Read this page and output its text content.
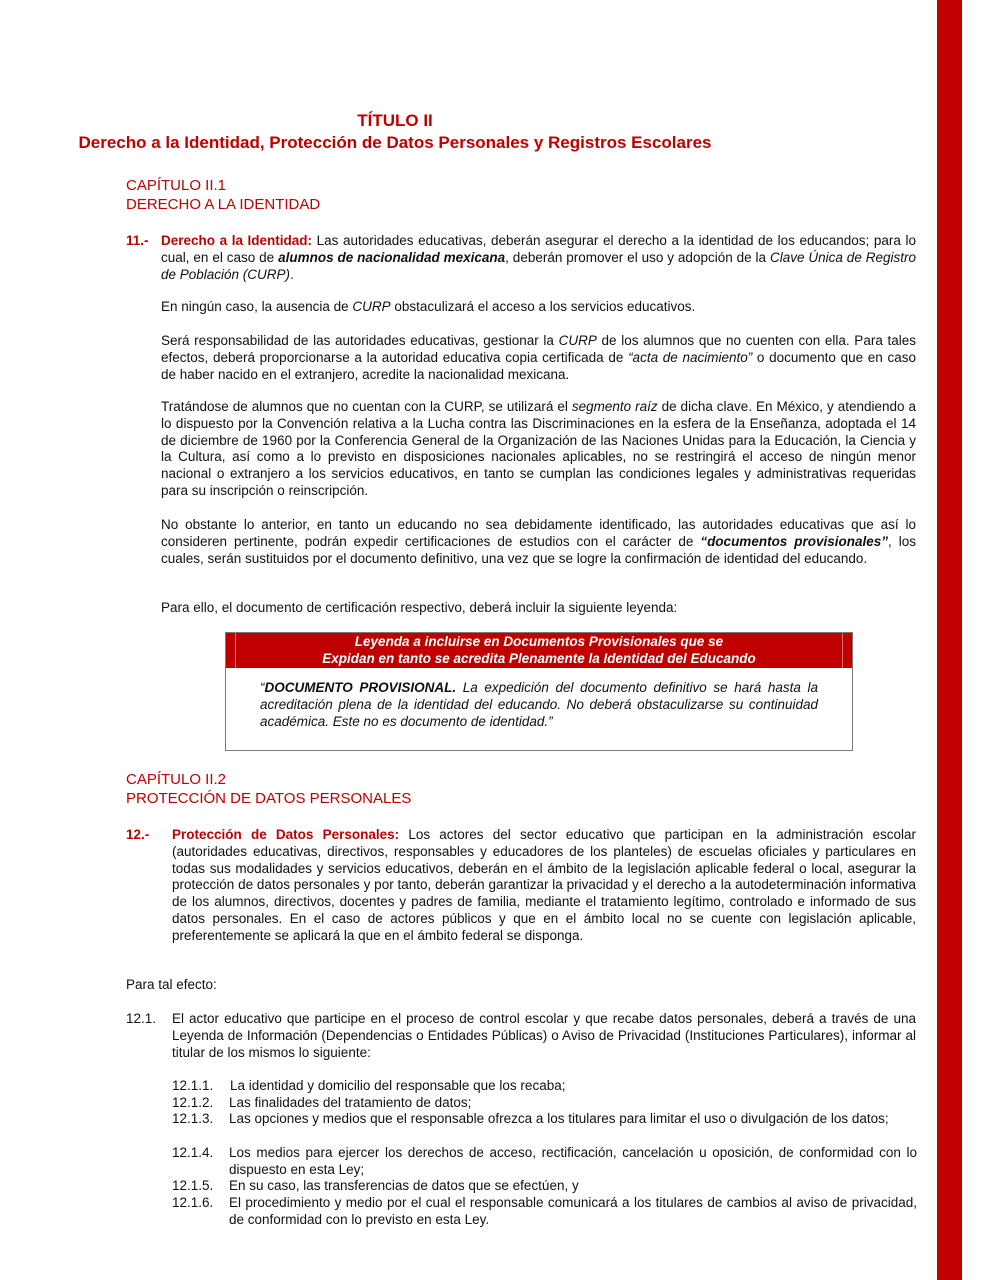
TÍTULO II
Derecho a la Identidad, Protección de Datos Personales y Registros Escolares
CAPÍTULO II.1
DERECHO A LA IDENTIDAD
11.- Derecho a la Identidad: Las autoridades educativas, deberán asegurar el derecho a la identidad de los educandos; para lo cual, en el caso de alumnos de nacionalidad mexicana, deberán promover el uso y adopción de la Clave Única de Registro de Población (CURP).
En ningún caso, la ausencia de CURP obstaculizará el acceso a los servicios educativos.
Será responsabilidad de las autoridades educativas, gestionar la CURP de los alumnos que no cuenten con ella. Para tales efectos, deberá proporcionarse a la autoridad educativa copia certificada de “acta de nacimiento” o documento que en caso de haber nacido en el extranjero, acredite la nacionalidad mexicana.
Tratándose de alumnos que no cuentan con la CURP, se utilizará el segmento raíz de dicha clave. En México, y atendiendo a lo dispuesto por la Convención relativa a la Lucha contra las Discriminaciones en la esfera de la Enseñanza, adoptada el 14 de diciembre de 1960 por la Conferencia General de la Organización de las Naciones Unidas para la Educación, la Ciencia y la Cultura, así como a lo previsto en disposiciones nacionales aplicables, no se restringirá el acceso de ningún menor nacional o extranjero a los servicios educativos, en tanto se cumplan las condiciones legales y administrativas requeridas para su inscripción o reinscripción.
No obstante lo anterior, en tanto un educando no sea debidamente identificado, las autoridades educativas que así lo consideren pertinente, podrán expedir certificaciones de estudios con el carácter de “documentos provisionales”, los cuales, serán sustituidos por el documento definitivo, una vez que se logre la confirmación de identidad del educando.
Para ello, el documento de certificación respectivo, deberá incluir la siguiente leyenda:
Leyenda a incluirse en Documentos Provisionales que se
Expidan en tanto se acredita Plenamente la Identidad del Educando
“DOCUMENTO PROVISIONAL. La expedición del documento definitivo se hará hasta la acreditación plena de la identidad del educando. No deberá obstaculizarse su continuidad académica. Este no es documento de identidad.”
CAPÍTULO II.2
PROTECCIÓN DE DATOS PERSONALES
12.- Protección de Datos Personales: Los actores del sector educativo que participan en la administración escolar (autoridades educativas, directivos, responsables y educadores de los planteles) de escuelas oficiales y particulares en todas sus modalidades y servicios educativos, deberán en el ámbito de la legislación aplicable federal o local, asegurar la protección de datos personales y por tanto, deberán garantizar la privacidad y el derecho a la autodeterminación informativa de los alumnos, directivos, docentes y padres de familia, mediante el tratamiento legítimo, controlado e informado de sus datos personales. En el caso de actores públicos y que en el ámbito local no se cuente con legislación aplicable, preferentemente se aplicará la que en el ámbito federal se disponga.
Para tal efecto:
12.1. El actor educativo que participe en el proceso de control escolar y que recabe datos personales, deberá a través de una Leyenda de Información (Dependencias o Entidades Públicas) o Aviso de Privacidad (Instituciones Particulares), informar al titular de los mismos lo siguiente:
12.1.1. La identidad y domicilio del responsable que los recaba;
12.1.2. Las finalidades del tratamiento de datos;
12.1.3. Las opciones y medios que el responsable ofrezca a los titulares para limitar el uso o divulgación de los datos;
12.1.4. Los medios para ejercer los derechos de acceso, rectificación, cancelación u oposición, de conformidad con lo dispuesto en esta Ley;
12.1.5. En su caso, las transferencias de datos que se efectúen, y
12.1.6. El procedimiento y medio por el cual el responsable comunicará a los titulares de cambios al aviso de privacidad, de conformidad con lo previsto en esta Ley.
